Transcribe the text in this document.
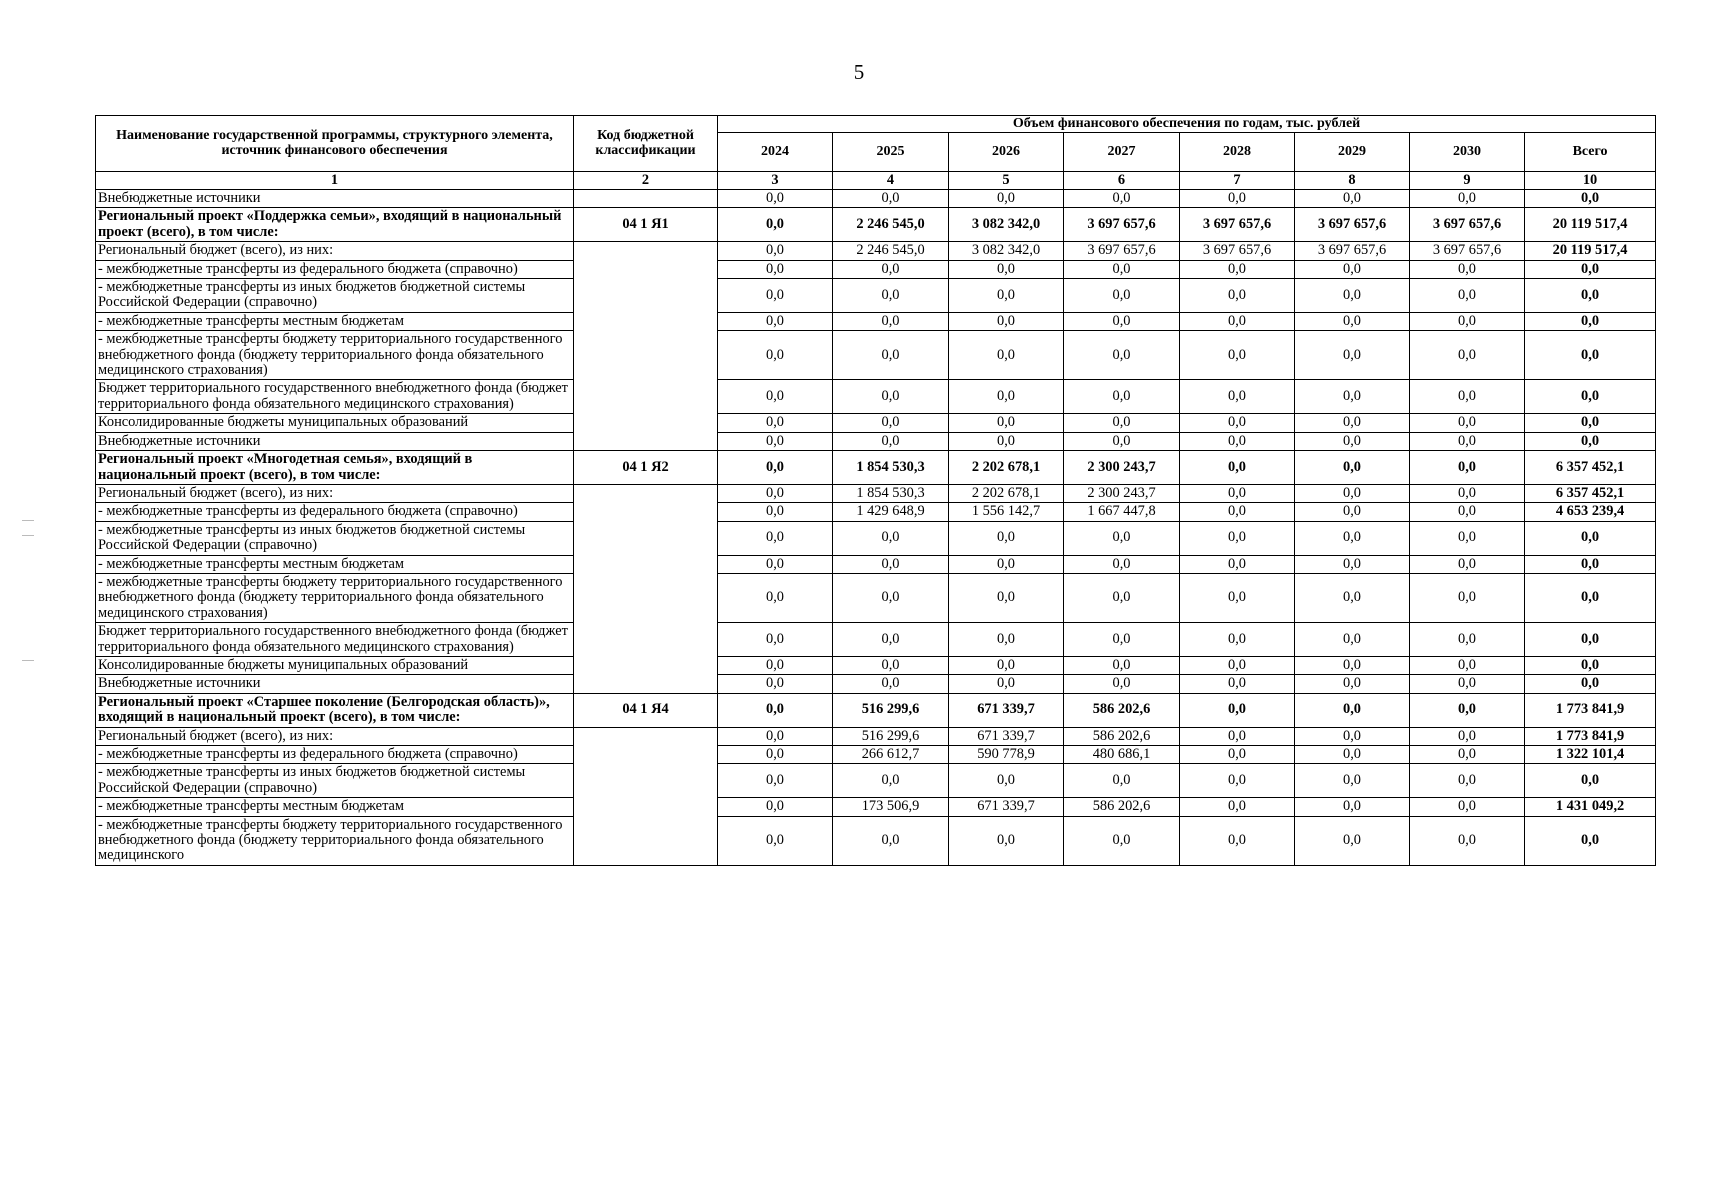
5
Наименование государственной программы, структурного элемента, источник финансового обеспечения	Код бюджетной классификации	Объем финансового обеспечения по годам, тыс. рублей							
		2024	2025	2026	2027	2028	2029	2030	Всего
1	2	3	4	5	6	7	8	9	10
Внебюджетные источники		0,0	0,0	0,0	0,0	0,0	0,0	0,0	0,0
Региональный проект «Поддержка семьи», входящий в национальный проект (всего), в том числе:	04 1 Я1	0,0	2 246 545,0	3 082 342,0	3 697 657,6	3 697 657,6	3 697 657,6	3 697 657,6	20 119 517,4
Региональный бюджет (всего), из них:		0,0	2 246 545,0	3 082 342,0	3 697 657,6	3 697 657,6	3 697 657,6	3 697 657,6	20 119 517,4
- межбюджетные трансферты из федерального бюджета (справочно)		0,0	0,0	0,0	0,0	0,0	0,0	0,0	0,0
- межбюджетные трансферты из иных бюджетов бюджетной системы Российской Федерации (справочно)		0,0	0,0	0,0	0,0	0,0	0,0	0,0	0,0
- межбюджетные трансферты местным бюджетам		0,0	0,0	0,0	0,0	0,0	0,0	0,0	0,0
- межбюджетные трансферты бюджету территориального государственного внебюджетного фонда (бюджету территориального фонда обязательного медицинского страхования)		0,0	0,0	0,0	0,0	0,0	0,0	0,0	0,0
Бюджет территориального государственного внебюджетного фонда (бюджет территориального фонда обязательного медицинского страхования)		0,0	0,0	0,0	0,0	0,0	0,0	0,0	0,0
Консолидированные бюджеты муниципальных образований		0,0	0,0	0,0	0,0	0,0	0,0	0,0	0,0
Внебюджетные источники		0,0	0,0	0,0	0,0	0,0	0,0	0,0	0,0
Региональный проект «Многодетная семья», входящий в национальный проект (всего), в том числе:	04 1 Я2	0,0	1 854 530,3	2 202 678,1	2 300 243,7	0,0	0,0	0,0	6 357 452,1
Региональный бюджет (всего), из них:		0,0	1 854 530,3	2 202 678,1	2 300 243,7	0,0	0,0	0,0	6 357 452,1
- межбюджетные трансферты из федерального бюджета (справочно)		0,0	1 429 648,9	1 556 142,7	1 667 447,8	0,0	0,0	0,0	4 653 239,4
- межбюджетные трансферты из иных бюджетов бюджетной системы Российской Федерации (справочно)		0,0	0,0	0,0	0,0	0,0	0,0	0,0	0,0
- межбюджетные трансферты местным бюджетам		0,0	0,0	0,0	0,0	0,0	0,0	0,0	0,0
- межбюджетные трансферты бюджету территориального государственного внебюджетного фонда (бюджету территориального фонда обязательного медицинского страхования)		0,0	0,0	0,0	0,0	0,0	0,0	0,0	0,0
Бюджет территориального государственного внебюджетного фонда (бюджет территориального фонда обязательного медицинского страхования)		0,0	0,0	0,0	0,0	0,0	0,0	0,0	0,0
Консолидированные бюджеты муниципальных образований		0,0	0,0	0,0	0,0	0,0	0,0	0,0	0,0
Внебюджетные источники		0,0	0,0	0,0	0,0	0,0	0,0	0,0	0,0
Региональный проект «Старшее поколение (Белгородская область)», входящий в национальный проект (всего), в том числе:	04 1 Я4	0,0	516 299,6	671 339,7	586 202,6	0,0	0,0	0,0	1 773 841,9
Региональный бюджет (всего), из них:		0,0	516 299,6	671 339,7	586 202,6	0,0	0,0	0,0	1 773 841,9
- межбюджетные трансферты из федерального бюджета (справочно)		0,0	266 612,7	590 778,9	480 686,1	0,0	0,0	0,0	1 322 101,4
- межбюджетные трансферты из иных бюджетов бюджетной системы Российской Федерации (справочно)		0,0	0,0	0,0	0,0	0,0	0,0	0,0	0,0
- межбюджетные трансферты местным бюджетам		0,0	173 506,9	671 339,7	586 202,6	0,0	0,0	0,0	1 431 049,2
- межбюджетные трансферты бюджету территориального государственного внебюджетного фонда (бюджету территориального фонда обязательного медицинского		0,0	0,0	0,0	0,0	0,0	0,0	0,0	0,0
